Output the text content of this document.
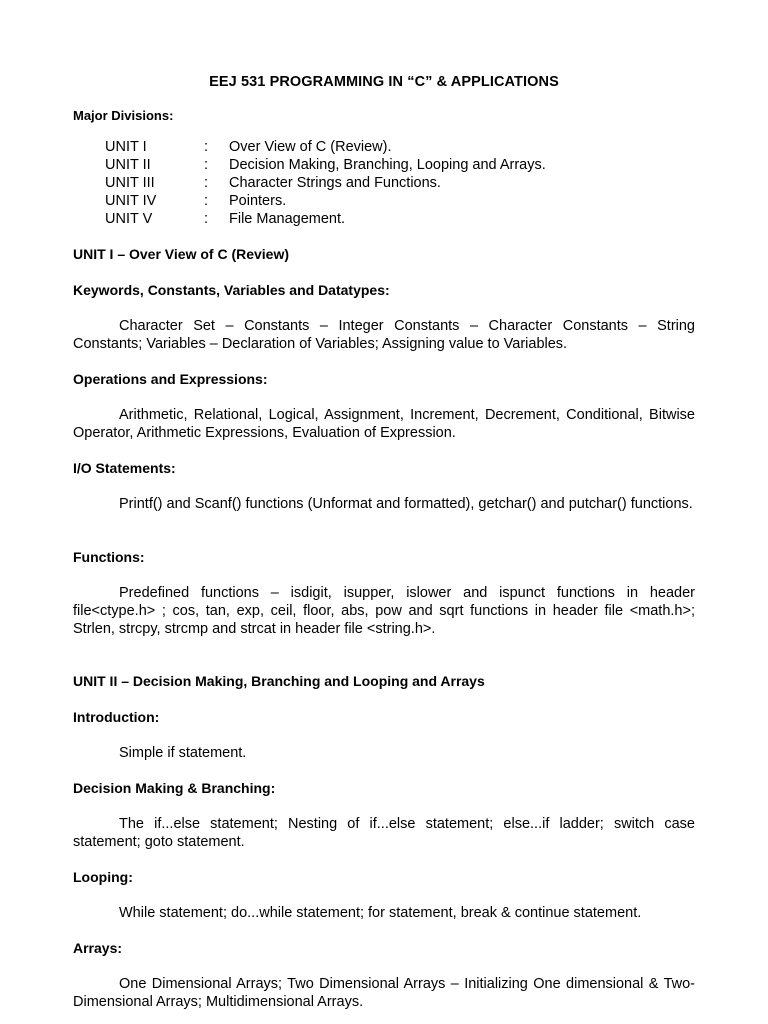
EEJ 531 PROGRAMMING IN “C” & APPLICATIONS
Major Divisions:
UNIT I	: Over View of C (Review).
UNIT II	: Decision Making, Branching, Looping and Arrays.
UNIT III	: Character Strings and Functions.
UNIT IV	: Pointers.
UNIT V	: File Management.
UNIT I – Over View of C (Review)
Keywords, Constants, Variables and Datatypes:
Character Set – Constants – Integer Constants – Character Constants – String Constants; Variables – Declaration of Variables; Assigning value to Variables.
Operations and Expressions:
Arithmetic, Relational, Logical, Assignment, Increment, Decrement, Conditional, Bitwise Operator, Arithmetic Expressions, Evaluation of Expression.
I/O Statements:
Printf() and Scanf() functions (Unformat and formatted), getchar() and putchar() functions.
Functions:
Predefined functions – isdigit, isupper, islower and ispunct functions in header file<ctype.h> ; cos, tan, exp, ceil, floor, abs, pow and sqrt functions in header file <math.h>; Strlen, strcpy, strcmp and strcat in header file <string.h>.
UNIT II – Decision Making, Branching and Looping and Arrays
Introduction:
Simple if statement.
Decision Making & Branching:
The if...else statement; Nesting of if...else statement; else...if ladder; switch case statement; goto statement.
Looping:
While statement; do...while statement; for statement, break & continue statement.
Arrays:
One Dimensional Arrays; Two Dimensional Arrays – Initializing One dimensional & Two-Dimensional Arrays; Multidimensional Arrays.
